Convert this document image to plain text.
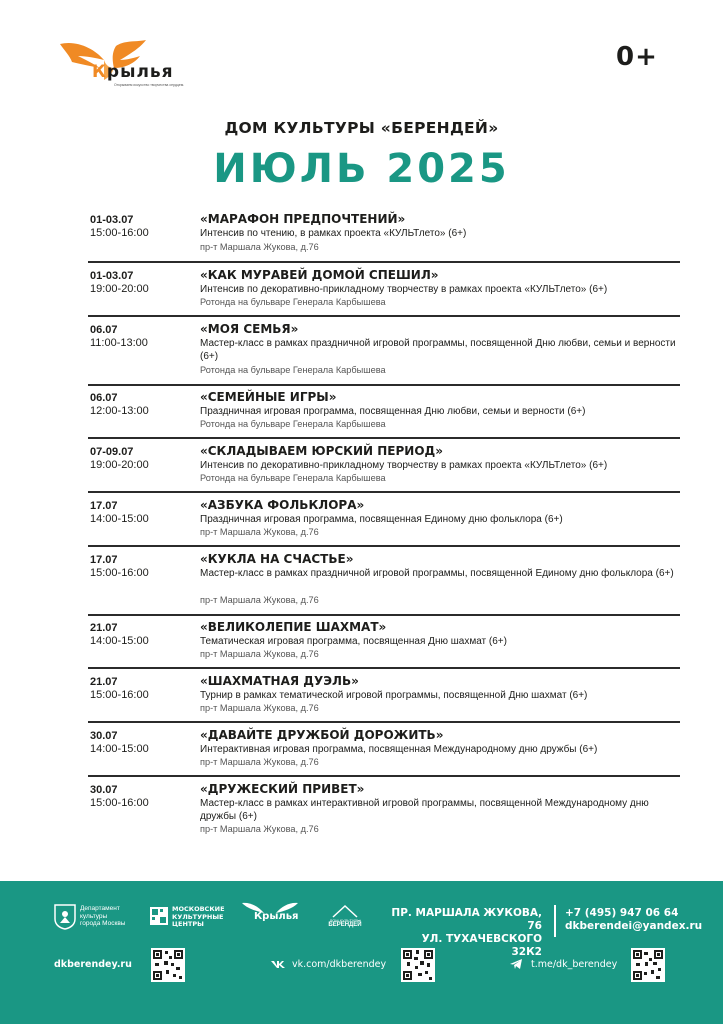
Крылья
Открываем искусство творчества сердцем.
0+
ДОМ КУЛЬТУРЫ «БЕРЕНДЕЙ»
ИЮЛЬ 2025
01-03.07
15:00-16:00
«МАРАФОН ПРЕДПОЧТЕНИЙ»
Интенсив по чтению, в рамках проекта «КУЛЬТлето» (6+)
пр-т Маршала Жукова, д.76
01-03.07
19:00-20:00
«КАК МУРАВЕЙ ДОМОЙ СПЕШИЛ»
Интенсив по декоративно-прикладному творчеству в рамках проекта «КУЛЬТлето» (6+)
Ротонда на бульваре Генерала Карбышева
06.07
11:00-13:00
«МОЯ СЕМЬЯ»
Мастер-класс в рамках праздничной игровой программы, посвященной Дню любви, семьи и верности (6+)
Ротонда на бульваре Генерала Карбышева
06.07
12:00-13:00
«СЕМЕЙНЫЕ ИГРЫ»
Праздничная игровая программа, посвященная Дню любви, семьи и верности (6+)
Ротонда на бульваре Генерала Карбышева
07-09.07
19:00-20:00
«СКЛАДЫВАЕМ ЮРСКИЙ ПЕРИОД»
Интенсив по декоративно-прикладному творчеству в рамках проекта «КУЛЬТлето» (6+)
Ротонда на бульваре Генерала Карбышева
17.07
14:00-15:00
«АЗБУКА ФОЛЬКЛОРА»
Праздничная игровая программа, посвященная Единому дню фольклора (6+)
пр-т Маршала Жукова, д.76
17.07
15:00-16:00
«КУКЛА НА СЧАСТЬЕ»
Мастер-класс в рамках праздничной игровой программы, посвященной Единому дню фольклора (6+)
пр-т Маршала Жукова, д.76
21.07
14:00-15:00
«ВЕЛИКОЛЕПИЕ ШАХМАТ»
Тематическая игровая программа, посвященная Дню шахмат (6+)
пр-т Маршала Жукова, д.76
21.07
15:00-16:00
«ШАХМАТНАЯ ДУЭЛЬ»
Турнир в рамках тематической игровой программы, посвященной Дню шахмат (6+)
пр-т Маршала Жукова, д.76
30.07
14:00-15:00
«ДАВАЙТЕ ДРУЖБОЙ ДОРОЖИТЬ»
Интерактивная игровая программа, посвященная Международному дню дружбы (6+)
пр-т Маршала Жукова, д.76
30.07
15:00-16:00
«ДРУЖЕСКИЙ ПРИВЕТ»
Мастер-класс в рамках интерактивной игровой программы, посвященной Международному дню дружбы (6+)
пр-т Маршала Жукова, д.76
Департамент
культуры
города Москвы
МОСКОВСКИЕ
КУЛЬТУРНЫЕ
ЦЕНТРЫ
Крылья	ДОМ КУЛЬТУРЫ
БЕРЕНДЕЙ
ПР. МАРШАЛА ЖУКОВА, 76
УЛ. ТУХАЧЕВСКОГО 32К2
+7 (495) 947 06 64
dkberendei@yandex.ru
dkberendey.ru	vk.com/dkberendey	t.me/dk_berendey
